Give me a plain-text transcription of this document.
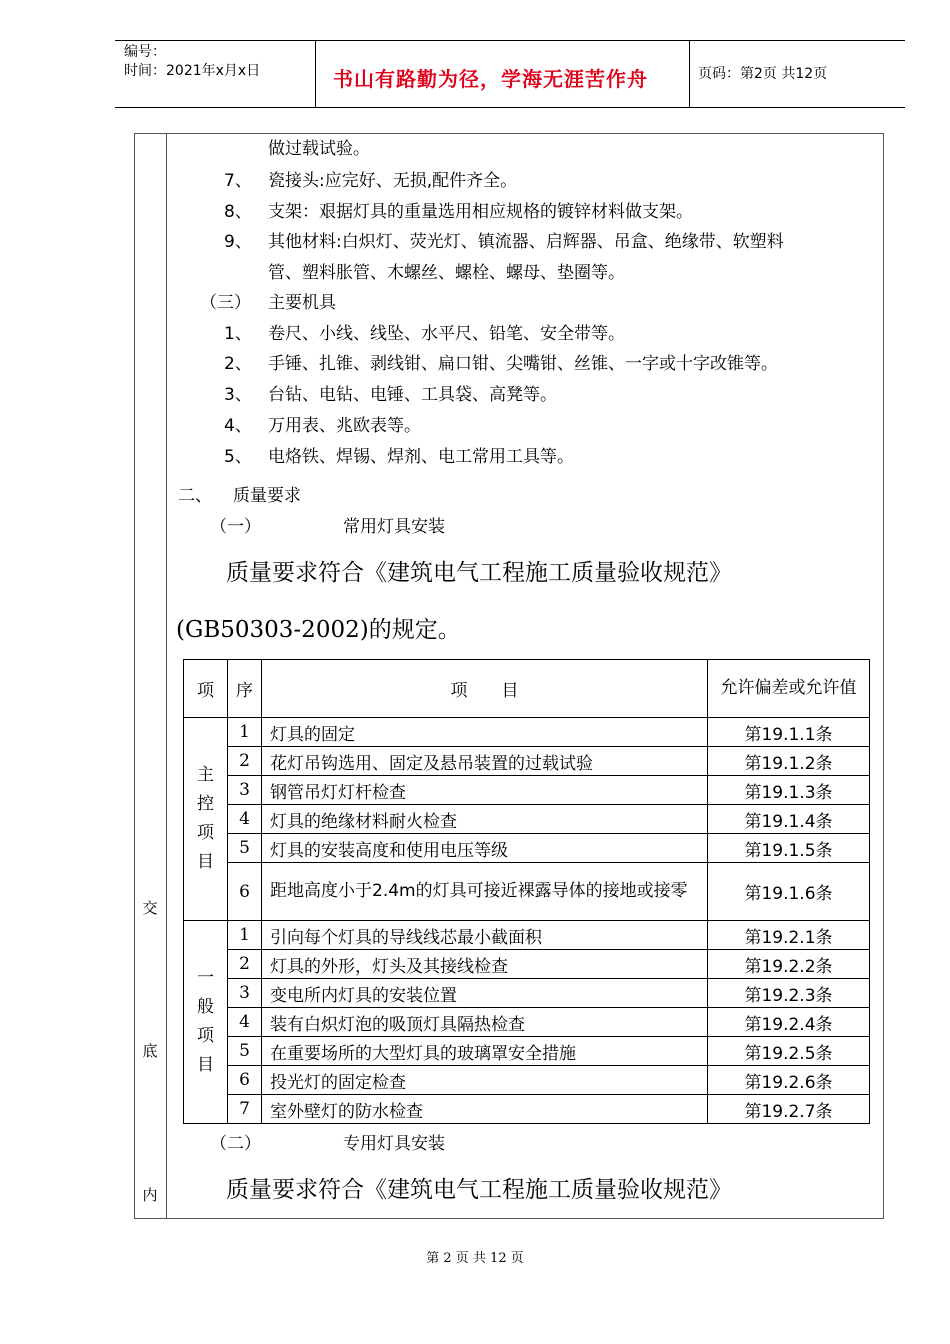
编号：
时间：2021年x月x日	书山有路勤为径，学海无涯苦作舟	页码：第2页 共12页
交
底
内
做过载试验。
7、 瓷接头:应完好、无损,配件齐全。
8、 支架：艰据灯具的重量选用相应规格的镀锌材料做支架。
9、 其他材料:白炽灯、荧光灯、镇流器、启辉器、吊盒、绝缘带、软塑料
管、塑料胀管、木螺丝、螺栓、螺母、垫圈等。
（三） 主要机具
1、 卷尺、小线、线坠、水平尺、铅笔、安全带等。
2、 手锤、扎锥、剥线钳、扁口钳、尖嘴钳、丝锥、一字或十字改锥等。
3、 台钻、电钻、电锤、工具袋、高凳等。
4、 万用表、兆欧表等。
5、 电烙铁、焊锡、焊剂、电工常用工具等。
二、 质量要求
（一）	常用灯具安装
质量要求符合《建筑电气工程施工质量验收规范》
(GB50303-2002)的规定。
项	序	项　　目	允许偏差或允许值
主控项目	1	灯具的固定	第19.1.1条
	2	花灯吊钩选用、固定及悬吊装置的过载试验	第19.1.2条
	3	钢管吊灯灯杆检查	第19.1.3条
	4	灯具的绝缘材料耐火检查	第19.1.4条
	5	灯具的安装高度和使用电压等级	第19.1.5条
	6	距地高度小于2.4m的灯具可接近裸露导体的接地或接零	第19.1.6条
一般项目	1	引向每个灯具的导线线芯最小截面积	第19.2.1条
	2	灯具的外形，灯头及其接线检查	第19.2.2条
	3	变电所内灯具的安装位置	第19.2.3条
	4	装有白炽灯泡的吸顶灯具隔热检查	第19.2.4条
	5	在重要场所的大型灯具的玻璃罩安全措施	第19.2.5条
	6	投光灯的固定检查	第19.2.6条
	7	室外壁灯的防水检查	第19.2.7条
（二）	专用灯具安装
质量要求符合《建筑电气工程施工质量验收规范》
第 2 页 共 12 页
